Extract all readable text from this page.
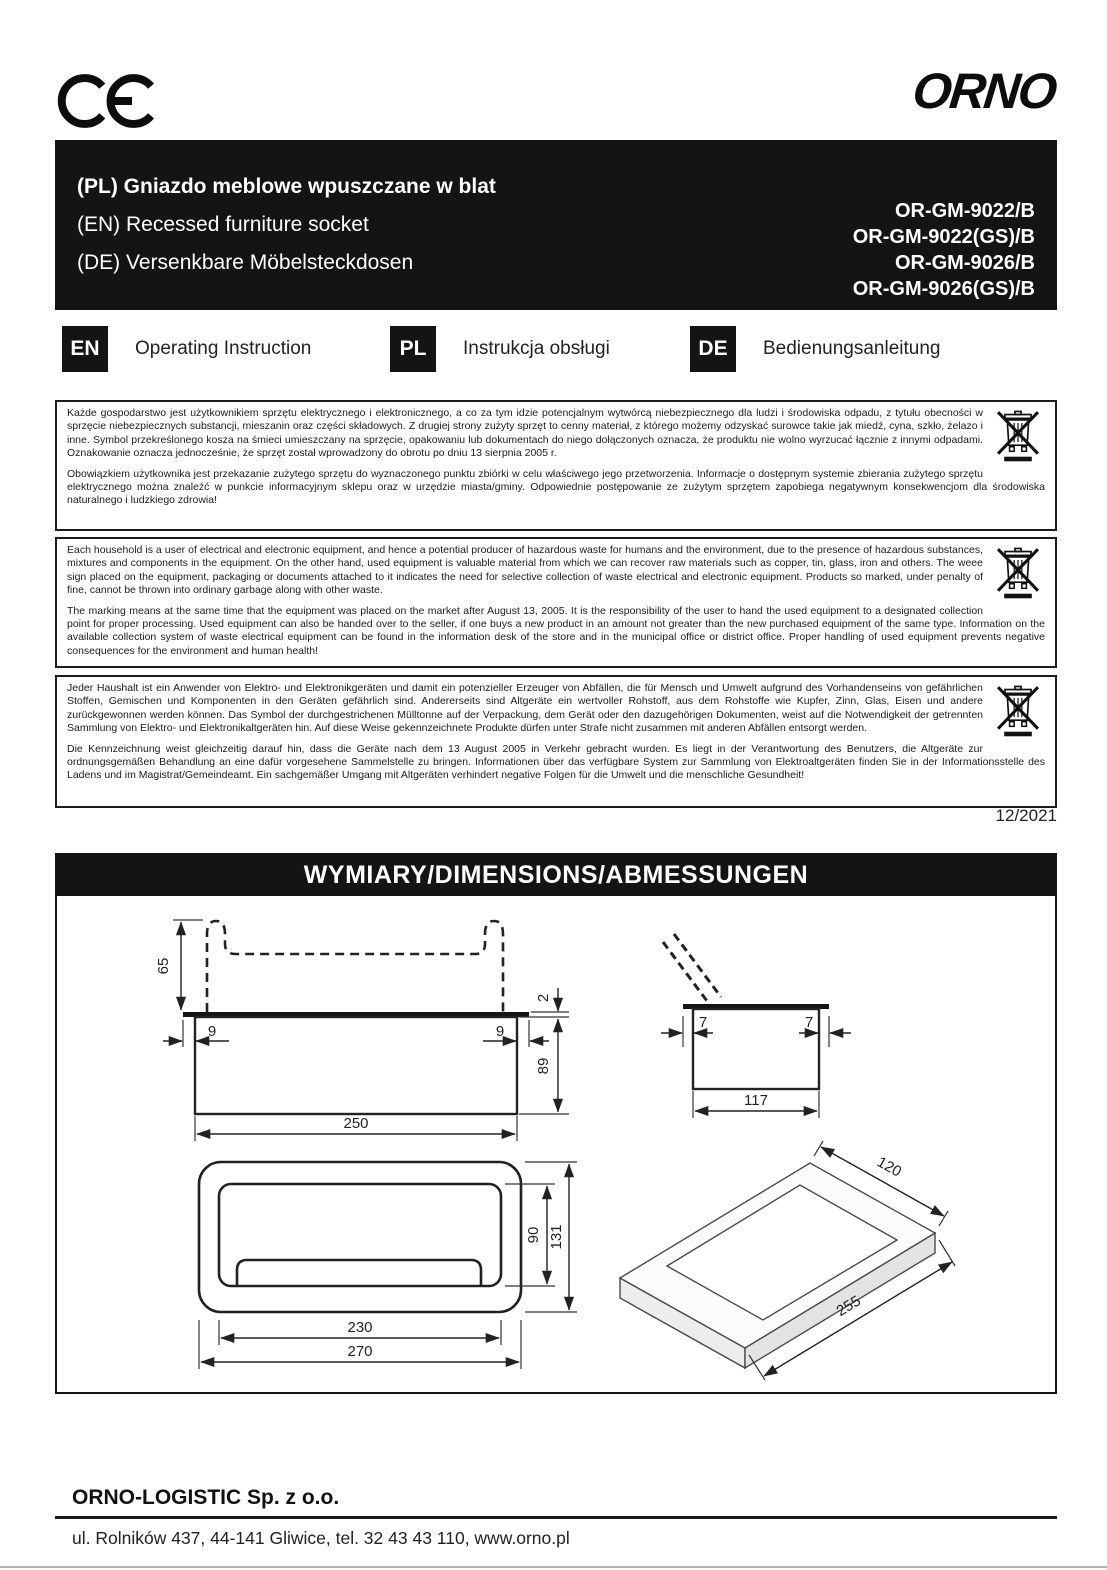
ORNO
(PL) Gniazdo meblowe wpuszczane w blat
(EN) Recessed furniture socket
(DE) Versenkbare Möbelsteckdosen
OR-GM-9022/B
OR-GM-9022(GS)/B
OR-GM-9026/B
OR-GM-9026(GS)/B
EN	Operating Instruction	PL	Instrukcja obsługi	DE	Bedienungsanleitung

Każde gospodarstwo jest użytkownikiem sprzętu elektrycznego i elektronicznego, a co za tym idzie potencjalnym wytwórcą niebezpiecznego dla ludzi i środowiska odpadu, z tytułu obecności w sprzęcie niebezpiecznych substancji, mieszanin oraz części składowych. Z drugiej strony zużyty sprzęt to cenny materiał, z którego możemy odzyskać surowce takie jak miedź, cyna, szkło, żelazo i inne. Symbol przekreślonego kosza na śmieci umieszczany na sprzęcie, opakowaniu lub dokumentach do niego dołączonych oznacza, że produktu nie wolno wyrzucać łącznie z innymi odpadami. Oznakowanie oznacza jednocześnie, że sprzęt został wprowadzony do obrotu po dniu 13 sierpnia 2005 r.

Obowiązkiem użytkownika jest przekazanie zużytego sprzętu do wyznaczonego punktu zbiórki w celu właściwego jego przetworzenia. Informacje o dostępnym systemie zbierania zużytego sprzętu elektrycznego można znaleźć w punkcie informacyjnym sklepu oraz w urzędzie miasta/gminy. Odpowiednie postępowanie ze zużytym sprzętem zapobiega negatywnym konsekwencjom dla środowiska naturalnego i ludzkiego zdrowia!

Each household is a user of electrical and electronic equipment, and hence a potential producer of hazardous waste for humans and the environment, due to the presence of hazardous substances, mixtures and components in the equipment. On the other hand, used equipment is valuable material from which we can recover raw materials such as copper, tin, glass, iron and others. The weee sign placed on the equipment, packaging or documents attached to it indicates the need for selective collection of waste electrical and electronic equipment. Products so marked, under penalty of fine, cannot be thrown into ordinary garbage along with other waste.

The marking means at the same time that the equipment was placed on the market after August 13, 2005. It is the responsibility of the user to hand the used equipment to a designated collection point for proper processing. Used equipment can also be handed over to the seller, if one buys a new product in an amount not greater than the new purchased equipment of the same type. Information on the available collection system of waste electrical equipment can be found in the information desk of the store and in the municipal office or district office. Proper handling of used equipment prevents negative consequences for the environment and human health!

Jeder Haushalt ist ein Anwender von Elektro- und Elektronikgeräten und damit ein potenzieller Erzeuger von Abfällen, die für Mensch und Umwelt aufgrund des Vorhandenseins von gefährlichen Stoffen, Gemischen und Komponenten in den Geräten gefährlich sind. Andererseits sind Altgeräte ein wertvoller Rohstoff, aus dem Rohstoffe wie Kupfer, Zinn, Glas, Eisen und andere zurückgewonnen werden können. Das Symbol der durchgestrichenen Mülltonne auf der Verpackung, dem Gerät oder den dazugehörigen Dokumenten, weist auf die Notwendigkeit der getrennten Sammlung von Elektro- und Elektronikaltgeräten hin. Auf diese Weise gekennzeichnete Produkte dürfen unter Strafe nicht zusammen mit anderen Abfällen entsorgt werden.

Die Kennzeichnung weist gleichzeitig darauf hin, dass die Geräte nach dem 13 August 2005 in Verkehr gebracht wurden. Es liegt in der Verantwortung des Benutzers, die Altgeräte zur ordnungsgemäßen Behandlung an eine dafür vorgesehene Sammelstelle zu bringen. Informationen über das verfügbare System zur Sammlung von Elektroaltgeräten finden Sie in der Informationsstelle des Ladens und im Magistrat/Gemeindeamt. Ein sachgemäßer Umgang mit Altgeräten verhindert negative Folgen für die Umwelt und die menschliche Gesundheit!

12/2021
WYMIARY/DIMENSIONS/ABMESSUNGEN
65
9	9
2
89
250
7	7
117
90 131
230
270
120
255
ORNO-LOGISTIC Sp. z o.o.
ul. Rolników 437, 44-141 Gliwice, tel. 32 43 43 110, www.orno.pl
